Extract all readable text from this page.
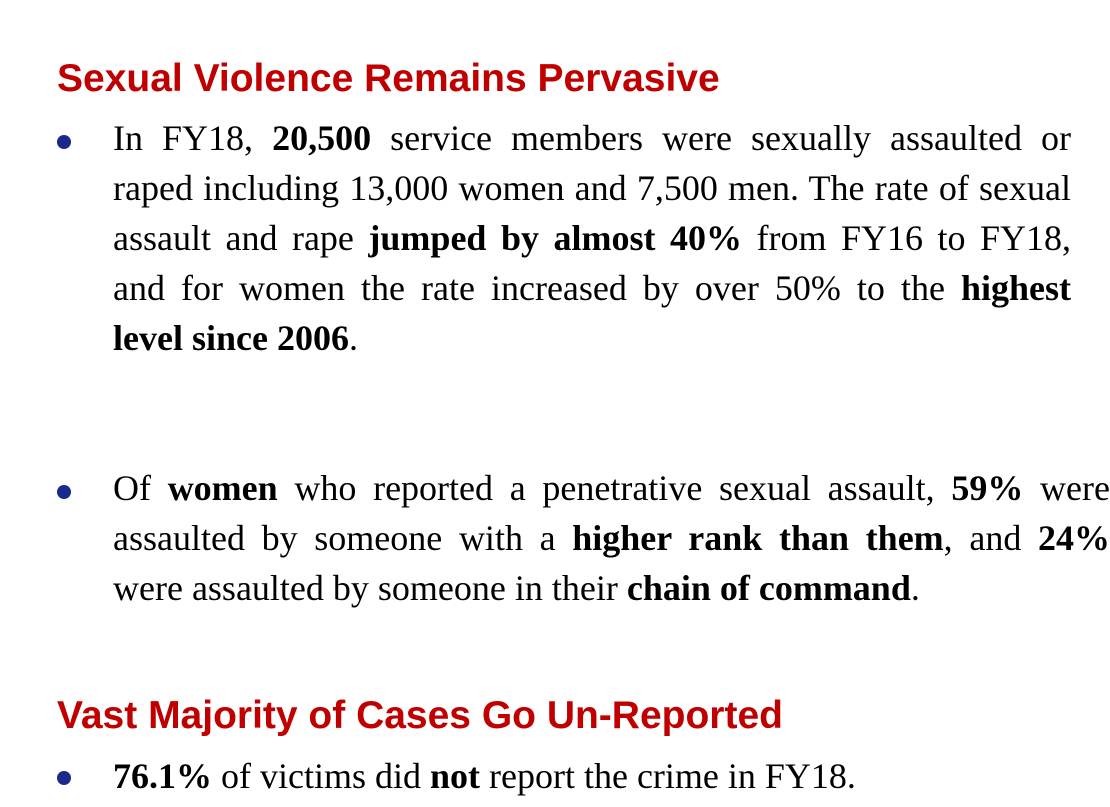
Sexual Violence Remains Pervasive

In FY18, 20,500 service members were sexually assaulted or raped including 13,000 women and 7,500 men. The rate of sexual assault and rape jumped by almost 40% from FY16 to FY18, and for women the rate increased by over 50% to the highest level since 2006.

Of women who reported a penetrative sexual assault, 59% were assaulted by someone with a higher rank than them, and 24% were assaulted by someone in their chain of command.

Vast Majority of Cases Go Un-Reported

76.1% of victims did not report the crime in FY18.
